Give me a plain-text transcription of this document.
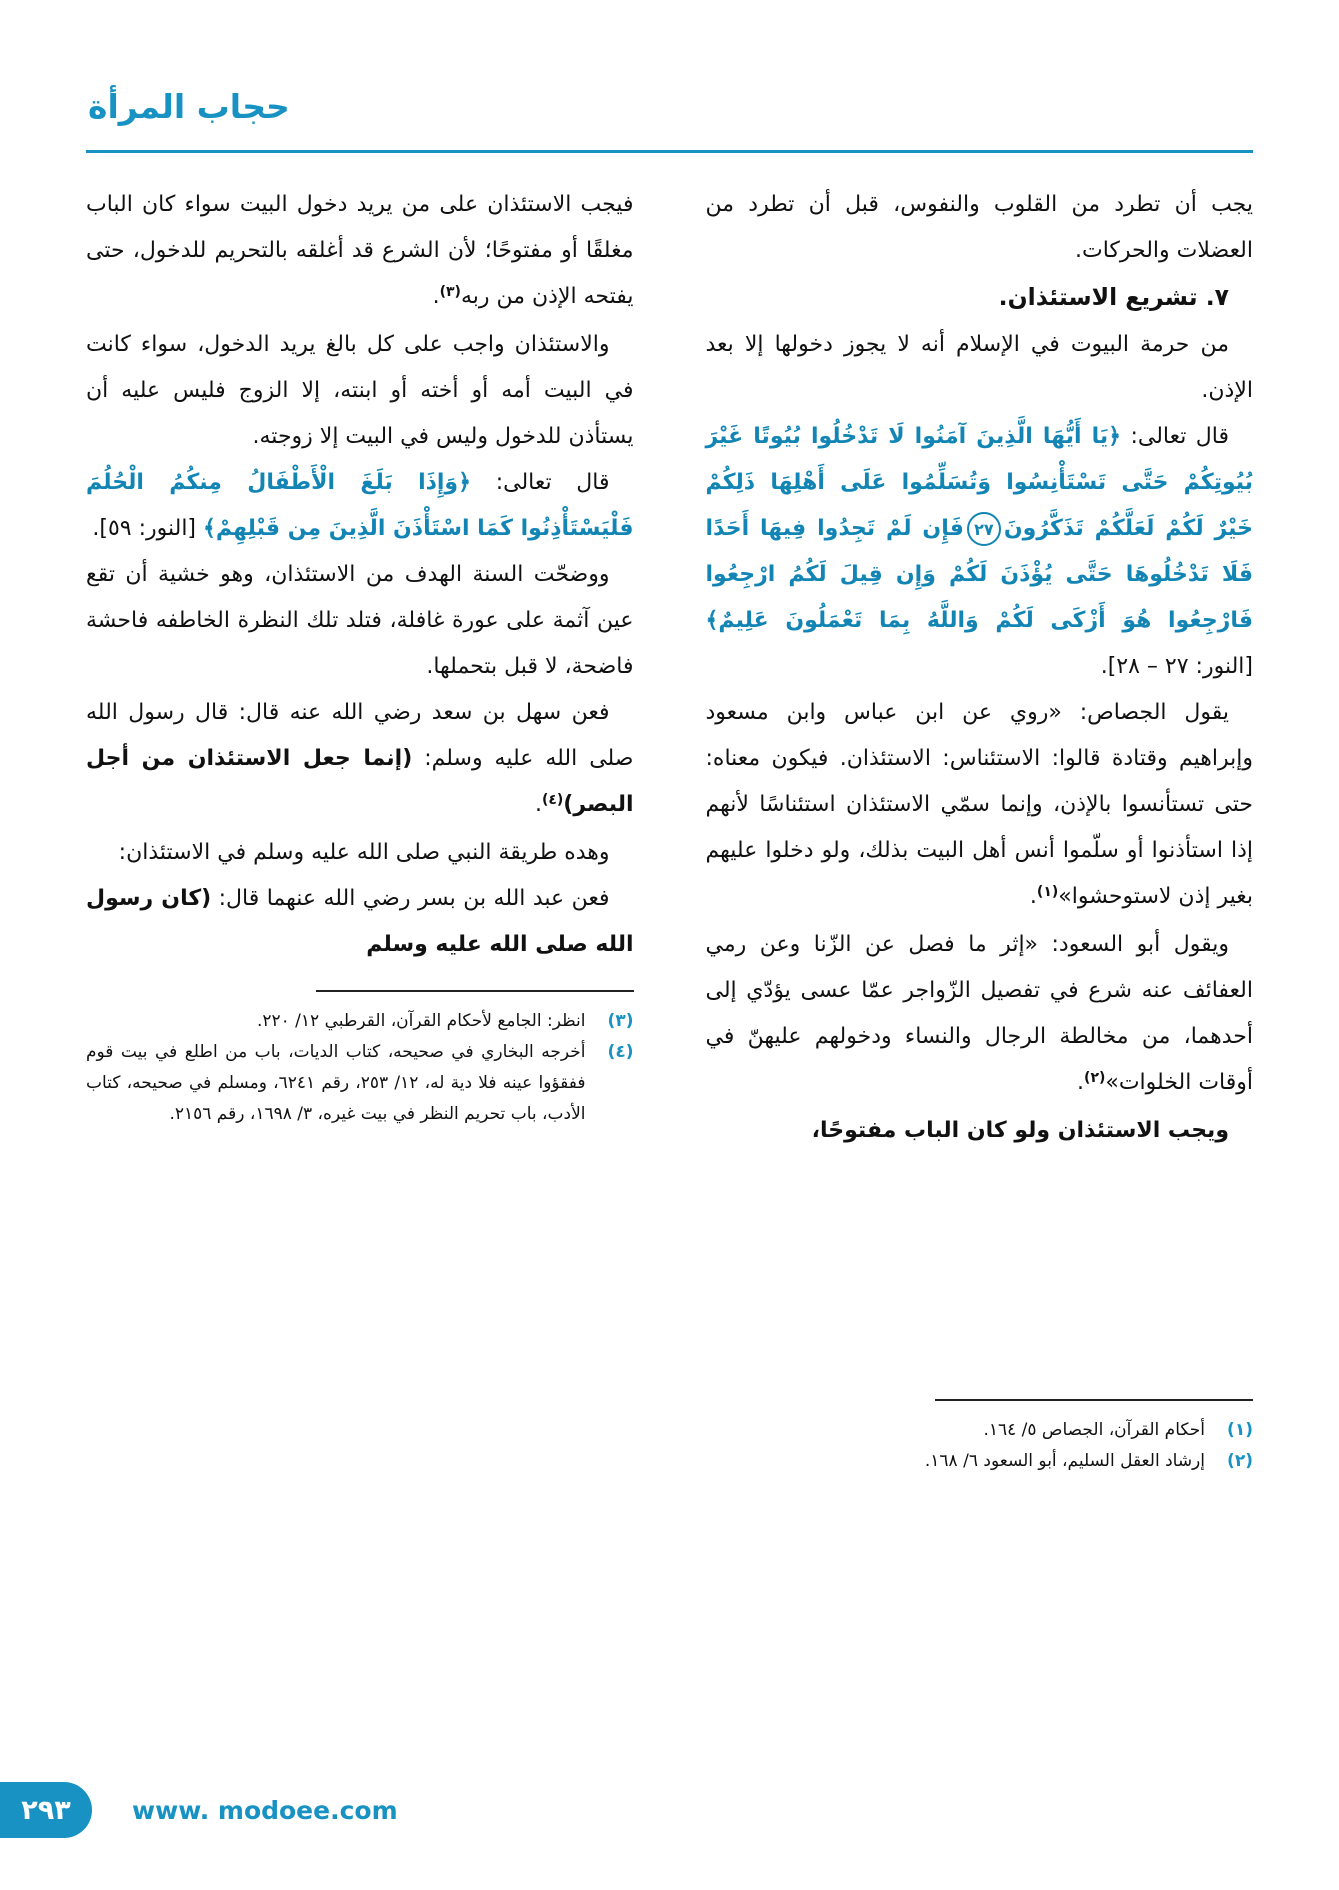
حجاب المرأة

يجب أن تطرد من القلوب والنفوس، قبل أن تطرد من العضلات والحركات.

٧. تشريع الاستئذان.

من حرمة البيوت في الإسلام أنه لا يجوز دخولها إلا بعد الإذن.

قال تعالى: ﴿يَا أَيُّهَا الَّذِينَ آمَنُوا لَا تَدْخُلُوا بُيُوتًا غَيْرَ بُيُوتِكُمْ حَتَّى تَسْتَأْنِسُوا وَتُسَلِّمُوا عَلَى أَهْلِهَا ذَلِكُمْ خَيْرٌ لَكُمْ لَعَلَّكُمْ تَذَكَّرُونَ٢٧فَإِن لَمْ تَجِدُوا فِيهَا أَحَدًا فَلَا تَدْخُلُوهَا حَتَّى يُؤْذَنَ لَكُمْ وَإِن قِيلَ لَكُمُ ارْجِعُوا فَارْجِعُوا هُوَ أَزْكَى لَكُمْ وَاللَّهُ بِمَا تَعْمَلُونَ عَلِيمٌ﴾ [النور: ٢٧ – ٢٨].

يقول الجصاص: «روي عن ابن عباس وابن مسعود وإبراهيم وقتادة قالوا: الاستئناس: الاستئذان. فيكون معناه: حتى تستأنسوا بالإذن، وإنما سمّي الاستئذان استئناسًا لأنهم إذا استأذنوا أو سلّموا أنس أهل البيت بذلك، ولو دخلوا عليهم بغير إذن لاستوحشوا»$^{(١)}$.

ويقول أبو السعود: «إثر ما فصل عن الزّنا وعن رمي العفائف عنه شرع في تفصيل الزّواجر عمّا عسى يؤدّي إلى أحدهما، من مخالطة الرجال والنساء ودخولهم عليهنّ في أوقات الخلوات»$^{(٢)}$.

ويجب الاستئذان ولو كان الباب مفتوحًا،

(١)
أحكام القرآن، الجصاص ٥/ ١٦٤.
(٢)
إرشاد العقل السليم، أبو السعود ٦/ ١٦٨.

فيجب الاستئذان على من يريد دخول البيت سواء كان الباب مغلقًا أو مفتوحًا؛ لأن الشرع قد أغلقه بالتحريم للدخول، حتى يفتحه الإذن من ربه$^{(٣)}$.

والاستئذان واجب على كل بالغ يريد الدخول، سواء كانت في البيت أمه أو أخته أو ابنته، إلا الزوج فليس عليه أن يستأذن للدخول وليس في البيت إلا زوجته.

قال تعالى: ﴿وَإِذَا بَلَغَ الْأَطْفَالُ مِنكُمُ الْحُلُمَ فَلْيَسْتَأْذِنُوا كَمَا اسْتَأْذَنَ الَّذِينَ مِن قَبْلِهِمْ﴾ [النور: ٥٩].

ووضحّت السنة الهدف من الاستئذان، وهو خشية أن تقع عين آثمة على عورة غافلة، فتلد تلك النظرة الخاطفه فاحشة فاضحة، لا قبل بتحملها.

فعن سهل بن سعد رضي الله عنه قال: قال رسول الله صلى الله عليه وسلم: (إنما جعل الاستئذان من أجل البصر)$^{(٤)}$.

وهده طريقة النبي صلى الله عليه وسلم في الاستئذان:

فعن عبد الله بن بسر رضي الله عنهما قال: (كان رسول الله صلى الله عليه وسلم

(٣)
انظر: الجامع لأحكام القرآن، القرطبي ١٢/ ٢٢٠.
(٤)
أخرجه البخاري في صحيحه، كتاب الديات، باب من اطلع في بيت قوم ففقؤوا عينه فلا دية له، ١٢/ ٢٥٣، رقم ٦٢٤١، ومسلم في صحيحه، كتاب الأدب، باب تحريم النظر في بيت غيره، ٣/ ١٦٩٨، رقم ٢١٥٦.
٢٩٣ www. modoee.com
